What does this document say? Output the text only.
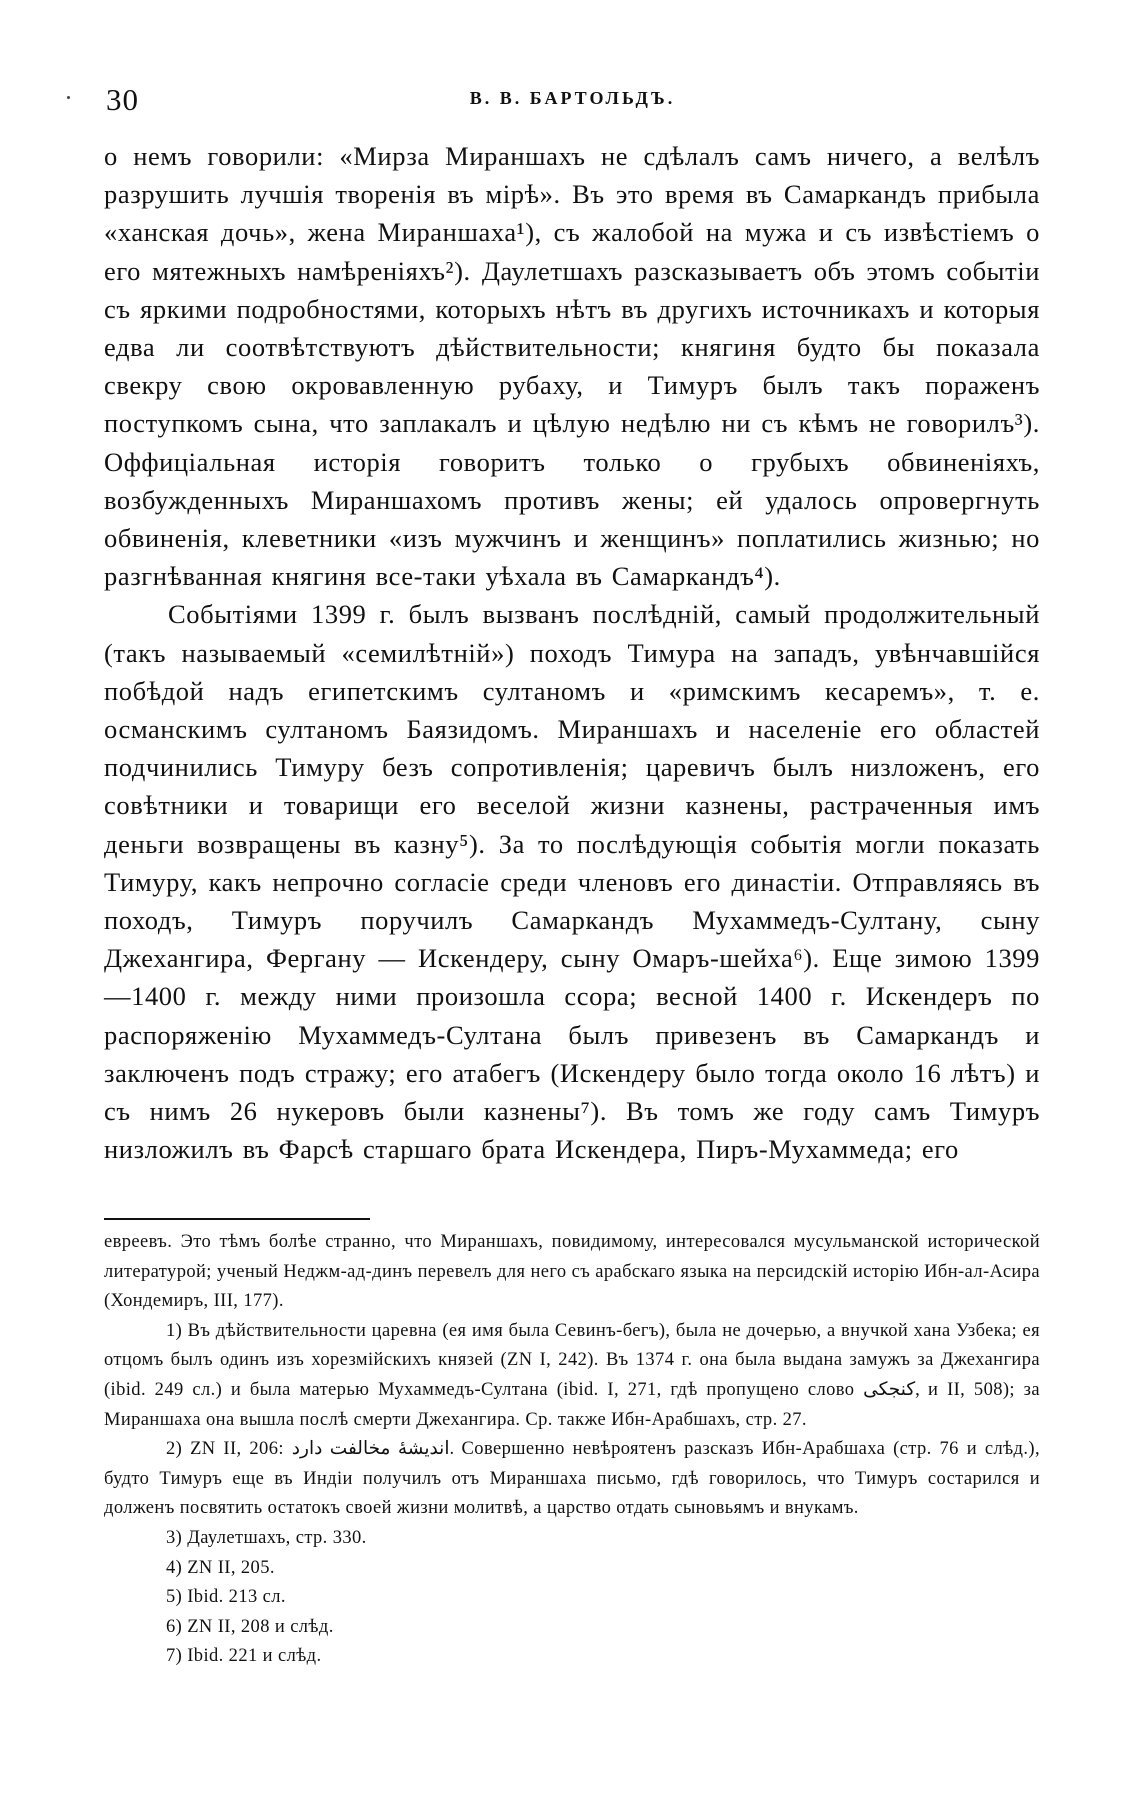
30	В. В. БАРТОЛЬДЪ.

о немъ говорили: «Мирза Мираншахъ не сдѣлалъ самъ ничего, а велѣлъ разрушить лучшія творенія въ мірѣ». Въ это время въ Самаркандъ прибыла «ханская дочь», жена Мираншаха¹), съ жалобой на мужа и съ извѣстіемъ о его мятежныхъ намѣреніяхъ²). Даулетшахъ разсказываетъ объ этомъ событіи съ яркими подробностями, которыхъ нѣтъ въ другихъ источникахъ и которыя едва ли соотвѣтствуютъ дѣйствительности; княгиня будто бы показала свекру свою окровавленную рубаху, и Тимуръ былъ такъ пораженъ поступкомъ сына, что заплакалъ и цѣлую недѣлю ни съ кѣмъ не говорилъ³). Оффиціальная исторія говоритъ только о грубыхъ обвиненіяхъ, возбужденныхъ Мираншахомъ противъ жены; ей удалось опровергнуть обвиненія, клеветники «изъ мужчинъ и женщинъ» поплатились жизнью; но разгнѣванная княгиня все-таки уѣхала въ Самаркандъ⁴).

Событіями 1399 г. былъ вызванъ послѣдній, самый продолжительный (такъ называемый «семилѣтній») походъ Тимура на западъ, увѣнчавшійся побѣдой надъ египетскимъ султаномъ и «римскимъ кесаремъ», т. е. османскимъ султаномъ Баязидомъ. Мираншахъ и населеніе его областей подчинились Тимуру безъ сопротивленія; царевичъ былъ низложенъ, его совѣтники и товарищи его веселой жизни казнены, растраченныя имъ деньги возвращены въ казну⁵). За то послѣдующія событія могли показать Тимуру, какъ непрочно согласіе среди членовъ его династіи. Отправляясь въ походъ, Тимуръ поручилъ Самаркандъ Мухаммедъ-Султану, сыну Джехангира, Фергану — Искендеру, сыну Омаръ-шейха⁶). Еще зимою 1399—1400 г. между ними произошла ссора; весной 1400 г. Искендеръ по распоряженію Мухаммедъ-Султана былъ привезенъ въ Самаркандъ и заключенъ подъ стражу; его атабегъ (Искендеру было тогда около 16 лѣтъ) и съ нимъ 26 нукеровъ были казнены⁷). Въ томъ же году самъ Тимуръ низложилъ въ Фарсѣ старшаго брата Искендера, Пиръ-Мухаммеда; его

евреевъ. Это тѣмъ болѣе странно, что Мираншахъ, повидимому, интересовался мусульманской исторической литературой; ученый Неджм-ад-динъ перевелъ для него съ арабскаго языка на персидскій исторію Ибн-ал-Асира (Хондемиръ, III, 177).

1) Въ дѣйствительности царевна (ея имя была Севинъ-бегъ), была не дочерью, а внучкой хана Узбека; ея отцомъ былъ одинъ изъ хорезмійскихъ князей (ZN I, 242). Въ 1374 г. она была выдана замужъ за Джехангира (ibid. 249 сл.) и была матерью Мухаммедъ-Султана (ibid. I, 271, гдѣ пропущено слово كنجكى, и II, 508); за Мираншаха она вышла послѣ смерти Джехангира. Ср. также Ибн-Арабшахъ, стр. 27.

2) ZN II, 206: اندیشۀ مخالفت دارد. Совершенно невѣроятенъ разсказъ Ибн-Арабшаха (стр. 76 и слѣд.), будто Тимуръ еще въ Индіи получилъ отъ Мираншаха письмо, гдѣ говорилось, что Тимуръ состарился и долженъ посвятить остатокъ своей жизни молитвѣ, а царство отдать сыновьямъ и внукамъ.

3) Даулетшахъ, стр. 330.

4) ZN II, 205.

5) Ibid. 213 сл.

6) ZN II, 208 и слѣд.

7) Ibid. 221 и слѣд.
